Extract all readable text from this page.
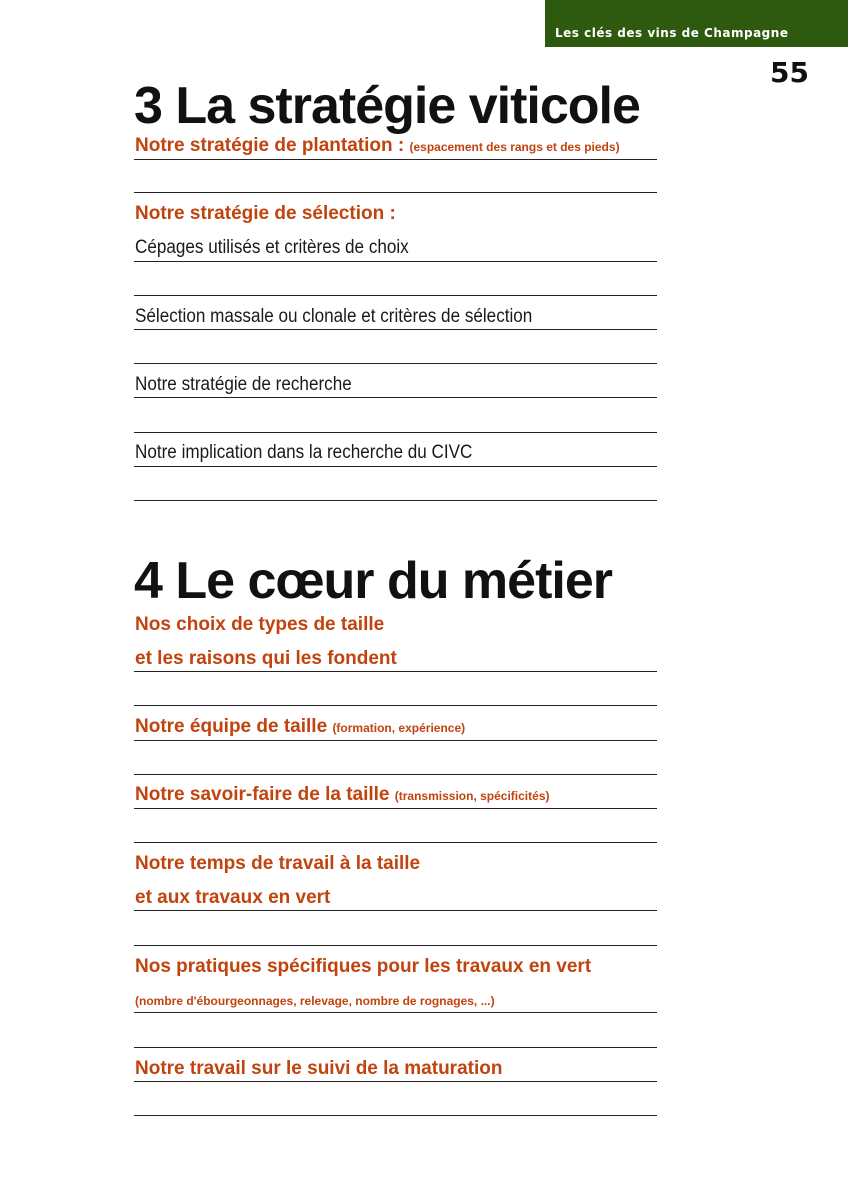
Les clés des vins de Champagne
55
3 La stratégie viticole
Notre stratégie de plantation : (espacement des rangs et des pieds)
Notre stratégie de sélection :
Cépages utilisés et critères de choix
Sélection massale ou clonale et critères de sélection
Notre stratégie de recherche
Notre implication dans la recherche du CIVC
4 Le cœur du métier
Nos choix de types de taille
et les raisons qui les fondent
Notre équipe de taille (formation, expérience)
Notre savoir-faire de la taille (transmission, spécificités)
Notre temps de travail à la taille
et aux travaux en vert
Nos pratiques spécifiques pour les travaux en vert
(nombre d'ébourgeonnages, relevage, nombre de rognages, ...)
Notre travail sur le suivi de la maturation
